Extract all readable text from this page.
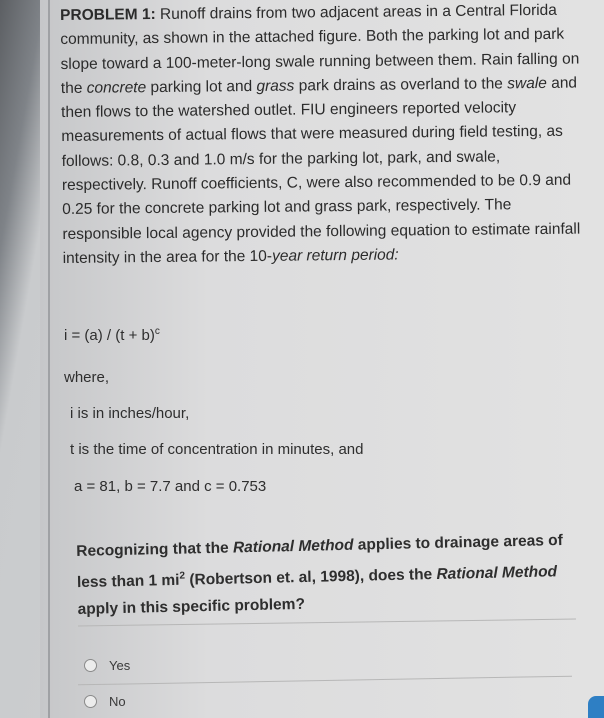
PROBLEM 1: Runoff drains from two adjacent areas in a Central Florida community, as shown in the attached figure. Both the parking lot and park slope toward a 100-meter-long swale running between them. Rain falling on the concrete parking lot and grass park drains as overland to the swale and then flows to the watershed outlet. FIU engineers reported velocity measurements of actual flows that were measured during field testing, as follows: 0.8, 0.3 and 1.0 m/s for the parking lot, park, and swale, respectively. Runoff coefficients, C, were also recommended to be 0.9 and 0.25 for the concrete parking lot and grass park, respectively. The responsible local agency provided the following equation to estimate rainfall intensity in the area for the 10-year return period:
$i = (a) / (t + b)^c$
where,
i is in inches/hour,
t is the time of concentration in minutes, and
a = 81, b = 7.7 and c = 0.753
Recognizing that the Rational Method applies to drainage areas of less than 1 $mi^2$ (Robertson et. al, 1998), does the Rational Method apply in this specific problem?
Yes
No
